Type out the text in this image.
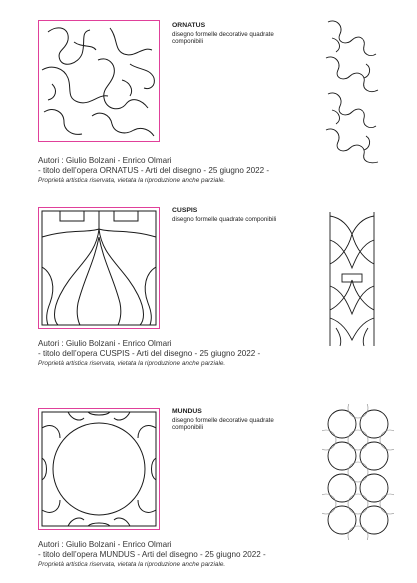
ORNATUS
disegno formelle decorative quadrate componibili
Autori : Giulio Bolzani - Enrico Olmari
- titolo dell’opera ORNATUS - Arti del disegno - 25 giugno 2022 -
Proprietà artistica riservata, vietata la riproduzione anche parziale.
CUSPIS
disegno formelle quadrate componibili
Autori : Giulio Bolzani - Enrico Olmari
- titolo dell’opera CUSPIS - Arti del disegno - 25 giugno 2022 -
Proprietà artistica riservata, vietata la riproduzione anche parziale.
MUNDUS
disegno formelle decorative quadrate componibili
Autori : Giulio Bolzani - Enrico Olmari
- titolo dell’opera MUNDUS - Arti del disegno - 25 giugno 2022 -
Proprietà artistica riservata, vietata la riproduzione anche parziale.
